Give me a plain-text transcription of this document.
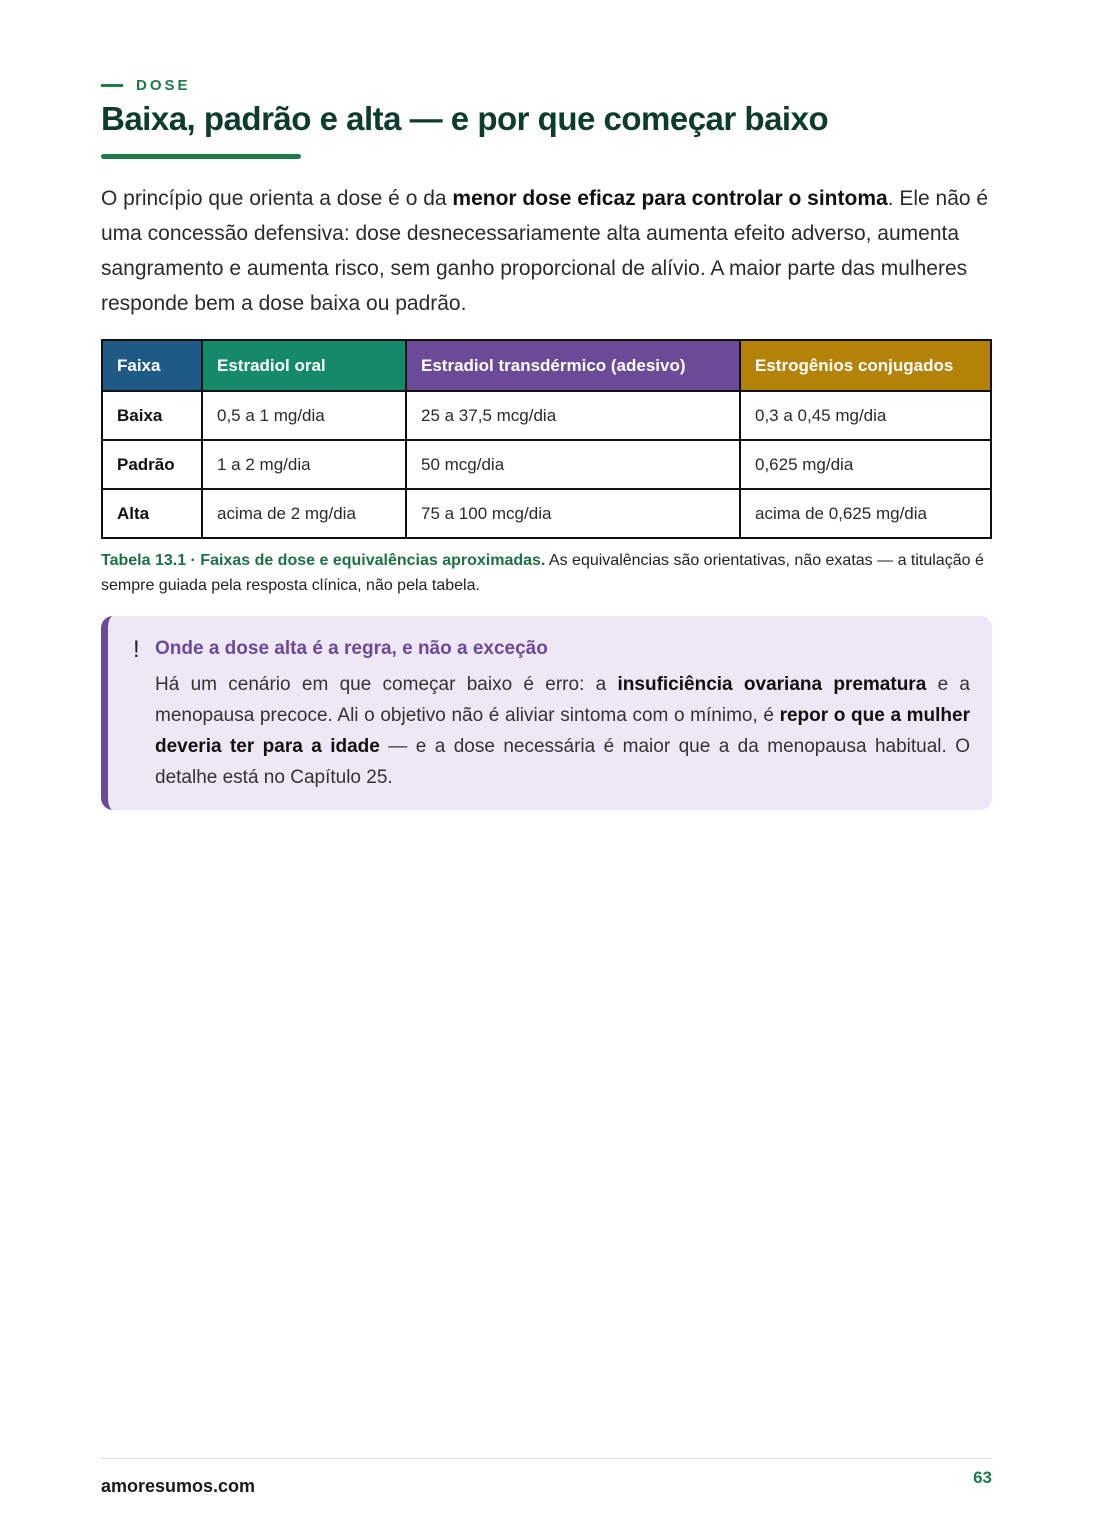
DOSE
Baixa, padrão e alta — e por que começar baixo

O princípio que orienta a dose é o da menor dose eficaz para controlar o sintoma. Ele não é uma concessão defensiva: dose desnecessariamente alta aumenta efeito adverso, aumenta sangramento e aumenta risco, sem ganho proporcional de alívio. A maior parte das mulheres responde bem a dose baixa ou padrão.

Faixa	Estradiol oral	Estradiol transdérmico (adesivo)	Estrogênios conjugados
Baixa	0,5 a 1 mg/dia	25 a 37,5 mcg/dia	0,3 a 0,45 mg/dia
Padrão	1 a 2 mg/dia	50 mcg/dia	0,625 mg/dia
Alta	acima de 2 mg/dia	75 a 100 mcg/dia	acima de 0,625 mg/dia

Tabela 13.1 · Faixas de dose e equivalências aproximadas. As equivalências são orientativas, não exatas — a titulação é sempre guiada pela resposta clínica, não pela tabela.

! Onde a dose alta é a regra, e não a exceção

Há um cenário em que começar baixo é erro: a insuficiência ovariana prematura e a menopausa precoce. Ali o objetivo não é aliviar sintoma com o mínimo, é repor o que a mulher deveria ter para a idade — e a dose necessária é maior que a da menopausa habitual. O detalhe está no Capítulo 25.

amoresumos.com	63
